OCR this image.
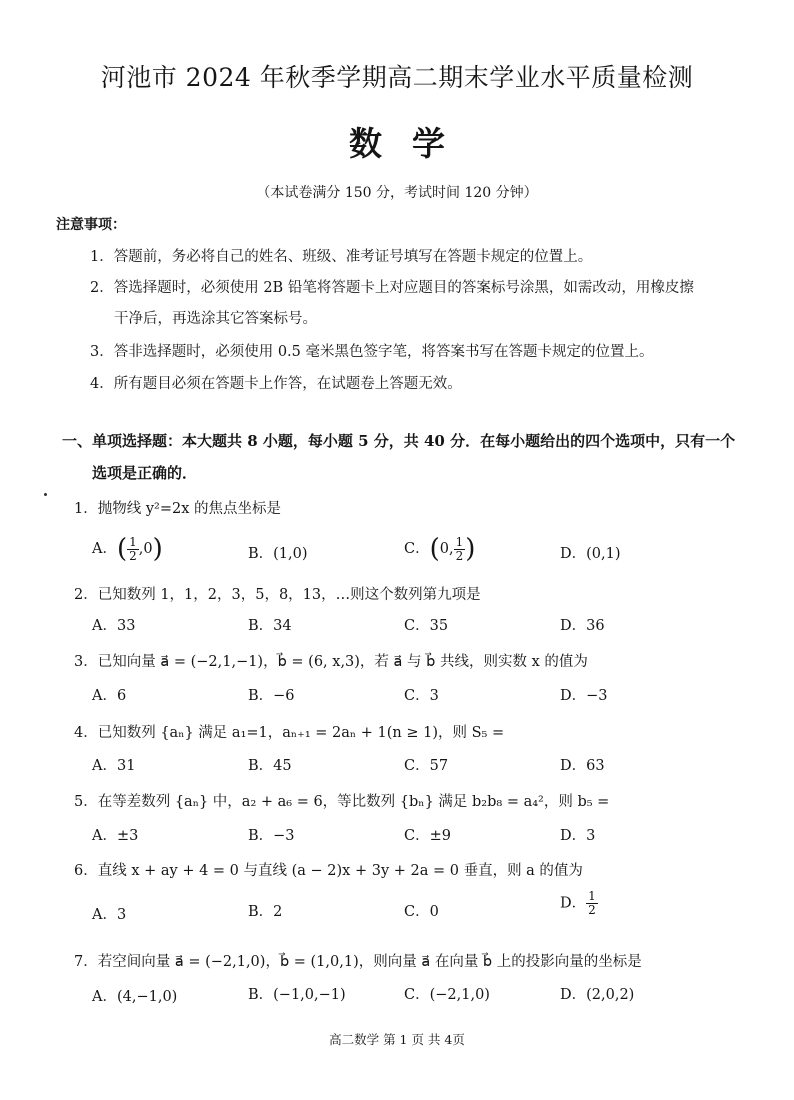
河池市 2024 年秋季学期高二期末学业水平质量检测
数学
（本试卷满分 150 分，考试时间 120 分钟）
注意事项：
1．答题前，务必将自己的姓名、班级、准考证号填写在答题卡规定的位置上。
2．答选择题时，必须使用 2B 铅笔将答题卡上对应题目的答案标号涂黑，如需改动，用橡皮擦
干净后，再选涂其它答案标号。
3．答非选择题时，必须使用 0.5 毫米黑色签字笔，将答案书写在答题卡规定的位置上。
4．所有题目必须在答题卡上作答，在试题卷上答题无效。
一、单项选择题：本大题共 8 小题，每小题 5 分，共 40 分．在每小题给出的四个选项中，只有一个
选项是正确的．
1．抛物线 y²=2x 的焦点坐标是
A．( $\frac{1}{2} ,0$)	B．(1,0)	C．(0, $\frac{1}{2}$ )	D．(0,1)
2．已知数列 1，1，2，3，5，8，13，…则这个数列第九项是
A．33	B．34	C．35	D．36
3．已知向量 a⃗ = (−2,1,−1)，b⃗ = (6, x,3)，若 a⃗ 与 b⃗ 共线，则实数 x 的值为
A．6	B．−6	C．3	D．−3
4．已知数列 {aₙ} 满足 a₁=1，aₙ₊₁ = 2aₙ + 1(n ≥ 1)，则 S₅ =
A．31	B．45	C．57	D．63
5．在等差数列 {aₙ} 中，a₂ + a₆ = 6，等比数列 {bₙ} 满足 b₂b₈ = a₄²，则 b₅ =
A．±3	B．−3	C．±9	D．3
6．直线 x + ay + 4 = 0 与直线 (a − 2)x + 3y + 2a = 0 垂直，则 a 的值为
A．3	B．2	C．0
D． $\frac{1}{2}$
7．若空间向量 a⃗ = (−2,1,0)，b⃗ = (1,0,1)，则向量 a⃗ 在向量 b⃗ 上的投影向量的坐标是
A．(4,−1,0)	B．(−1,0,−1)	C．(−2,1,0)	D．(2,0,2)
高二数学 第 1 页 共 4页
